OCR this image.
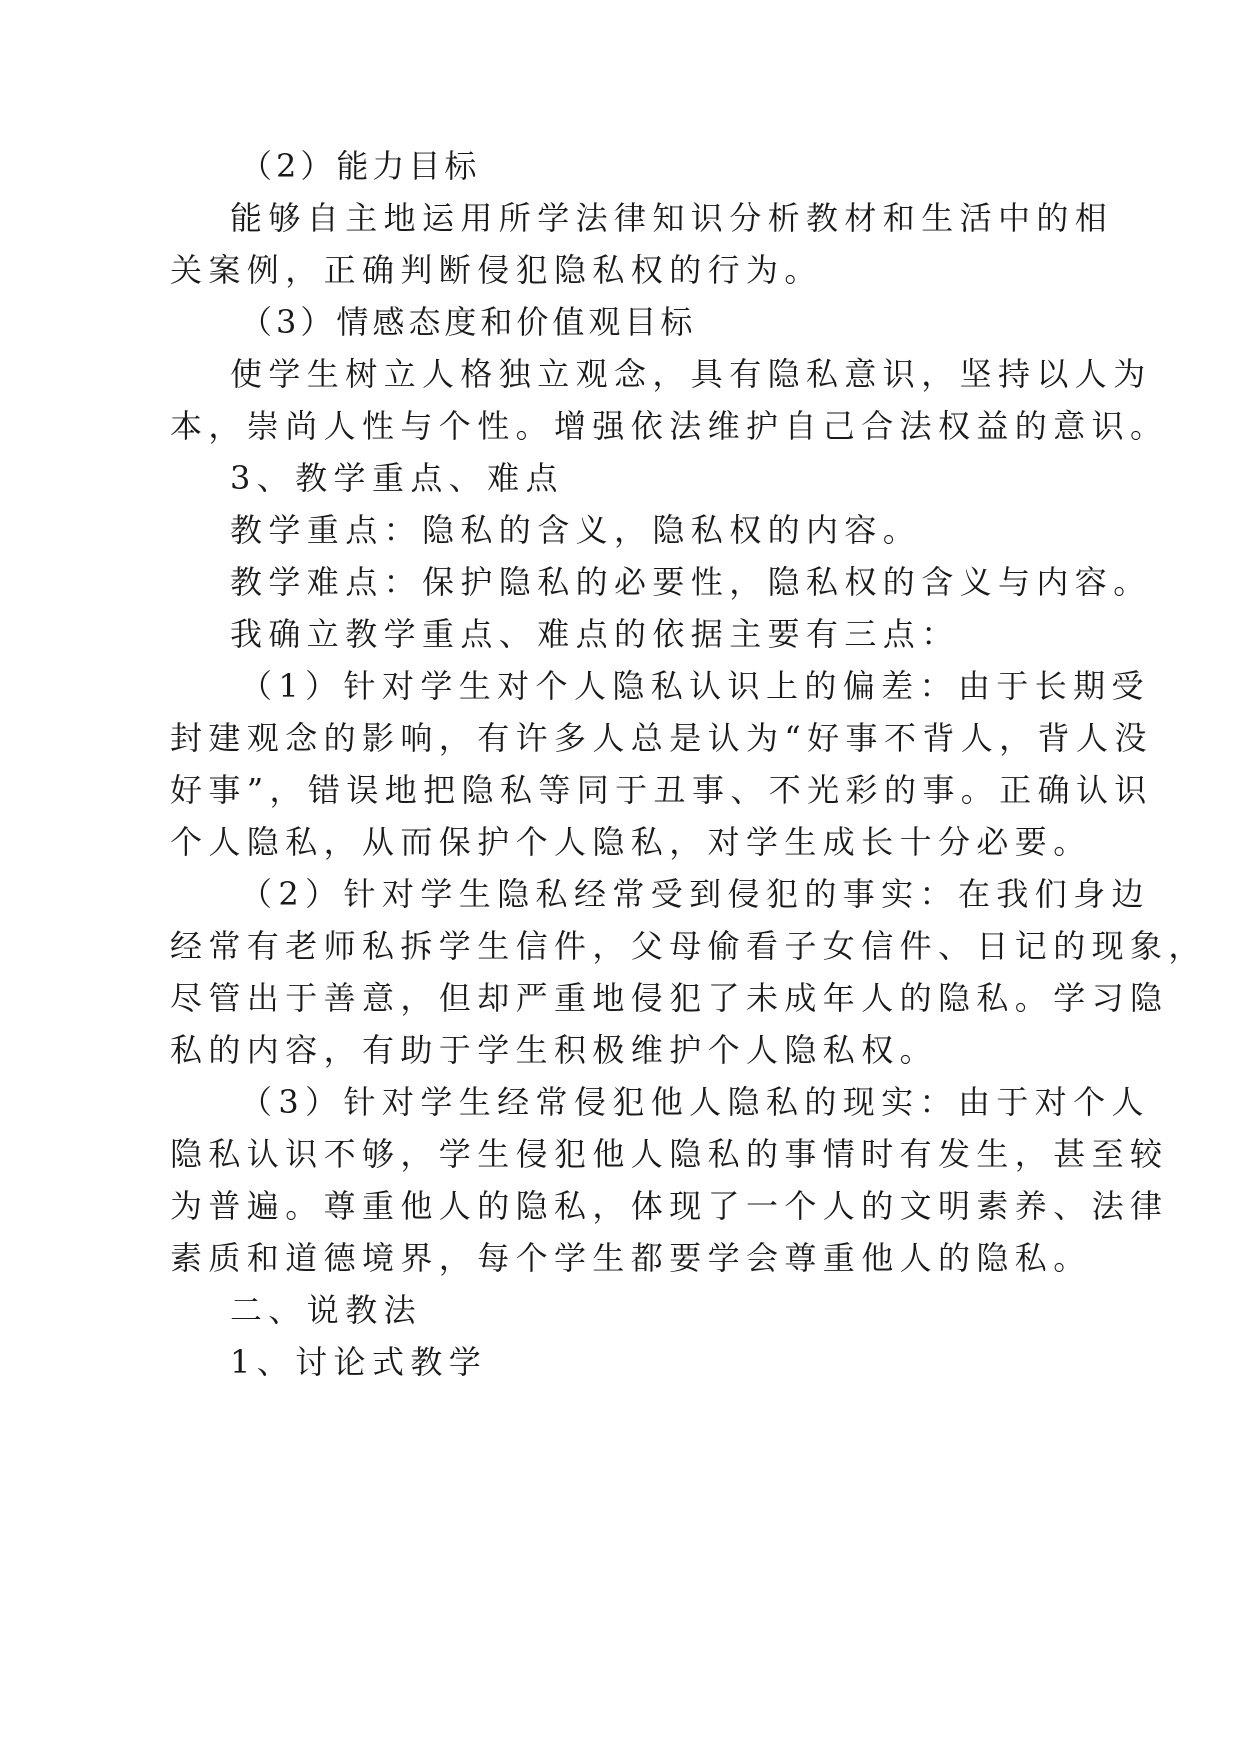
（2）能力目标
能够自主地运用所学法律知识分析教材和生活中的相
关案例，正确判断侵犯隐私权的行为。
（3）情感态度和价值观目标
使学生树立人格独立观念，具有隐私意识，坚持以人为
本，崇尚人性与个性。增强依法维护自己合法权益的意识。
3、教学重点、难点
教学重点：隐私的含义，隐私权的内容。
教学难点：保护隐私的必要性，隐私权的含义与内容。
我确立教学重点、难点的依据主要有三点：
（1）针对学生对个人隐私认识上的偏差：由于长期受
封建观念的影响，有许多人总是认为“好事不背人，背人没
好事”，错误地把隐私等同于丑事、不光彩的事。正确认识
个人隐私，从而保护个人隐私，对学生成长十分必要。
（2）针对学生隐私经常受到侵犯的事实：在我们身边
经常有老师私拆学生信件，父母偷看子女信件、日记的现象，
尽管出于善意，但却严重地侵犯了未成年人的隐私。学习隐
私的内容，有助于学生积极维护个人隐私权。
（3）针对学生经常侵犯他人隐私的现实：由于对个人
隐私认识不够，学生侵犯他人隐私的事情时有发生，甚至较
为普遍。尊重他人的隐私，体现了一个人的文明素养、法律
素质和道德境界，每个学生都要学会尊重他人的隐私。
二、说教法
1、讨论式教学
